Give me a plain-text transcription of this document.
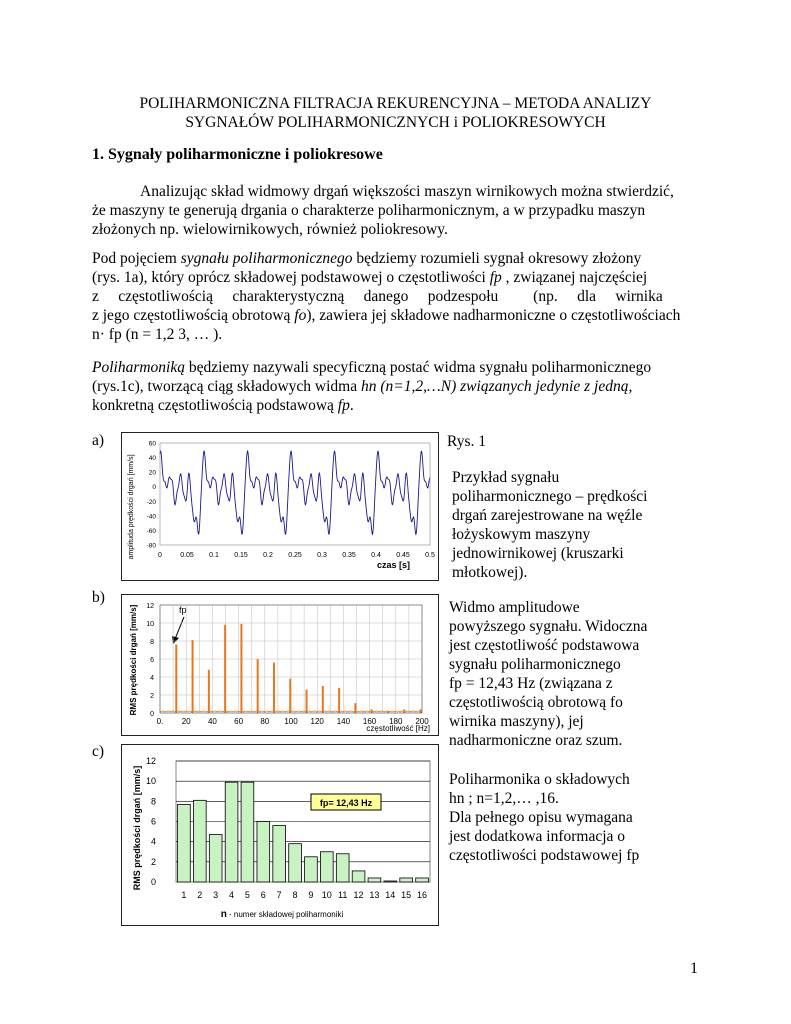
POLIHARMONICZNA FILTRACJA REKURENCYJNA – METODA ANALIZY
SYGNAŁÓW POLIHARMONICZNYCH i POLIOKRESOWYCH
1. Sygnały poliharmoniczne i poliokresowe
Analizując skład widmowy drgań większości maszyn wirnikowych można stwierdzić,
że maszyny te generują drgania o charakterze poliharmonicznym, a w przypadku maszyn
złożonych np. wielowirnikowych, również poliokresowy.
Pod pojęciem sygnału poliharmonicznego będziemy rozumieli sygnał okresowy złożony
(rys. 1a), który oprócz składowej podstawowej o częstotliwości fp , związanej najczęściej
z     częstotliwością     charakterystyczną     danego     podzespołu         (np.     dla     wirnika
z jego częstotliwością obrotową fo), zawiera jej składowe nadharmoniczne o częstotliwościach
n· fp (n = 1,2 3, … ).
Poliharmoniką będziemy nazywali specyficzną postać widma sygnału poliharmonicznego
(rys.1c), tworzącą ciąg składowych widma hn (n=1,2,…N) związanych jedynie z jedną,
konkretną częstotliwością podstawową fp.
a)
b)
c)
amplituda prędkości drgań [mm/s]
czas [s]
60
40
20
0
-20
-40
-60
-80
0	0.05 0.1 0.15 0.2 0.25 0.3 0.35 0.4 0.45 0.5
RMS prędkości drgań [mm/s]
częstotliwość [Hz]
fp
12
10
8
6
4
2
0
0. 20 40 60 80 100 120 140 160 180 200
RMS prędkości drgań [mm/s]
n - numer składowej poliharmoniki
12
10
8
6
4
2
0
1 2 3 4 5 6 7 8 9 10 11 12 13 14 15 16
fp= 12,43 Hz
Rys. 1
Przykład sygnału
poliharmonicznego – prędkości
drgań zarejestrowane na węźle
łożyskowym maszyny
jednowirnikowej (kruszarki
młotkowej).
Widmo amplitudowe
powyższego sygnału. Widoczna
jest częstotliwość podstawowa
sygnału poliharmonicznego
fp = 12,43 Hz (związana z
częstotliwością obrotową fo
wirnika maszyny), jej
nadharmoniczne oraz szum.
Poliharmonika o składowych
hn ; n=1,2,… ,16.
Dla pełnego opisu wymagana
jest dodatkowa informacja o
częstotliwości podstawowej fp
1
